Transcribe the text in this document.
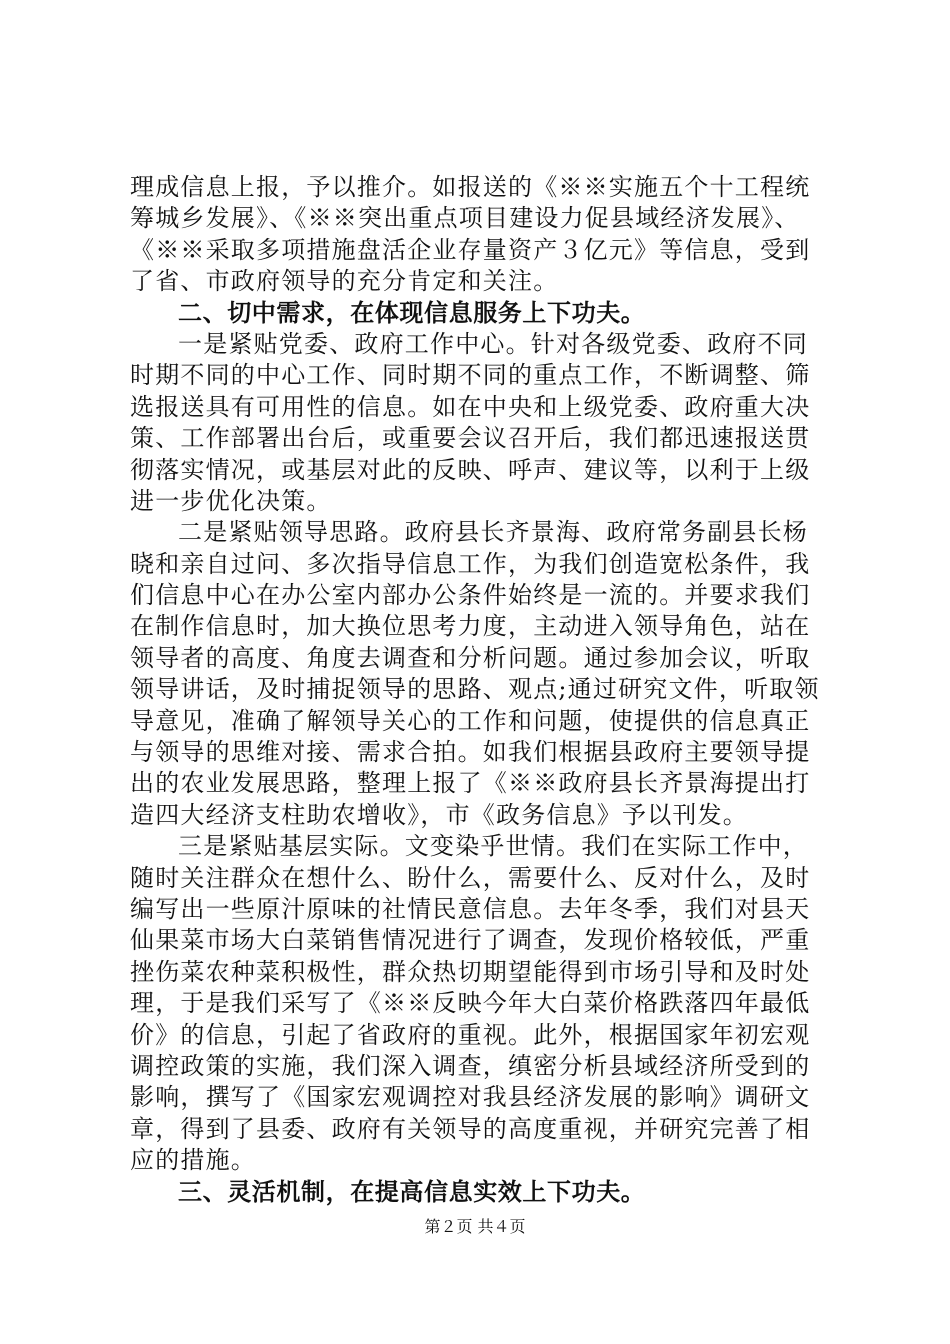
理成信息上报，予以推介。如报送的《※※实施五个十工程统
筹城乡发展》、《※※突出重点项目建设力促县域经济发展》、
《※※采取多项措施盘活企业存量资产３亿元》等信息，受到
了省、市政府领导的充分肯定和关注。
二、切中需求，在体现信息服务上下功夫。
一是紧贴党委、政府工作中心。针对各级党委、政府不同
时期不同的中心工作、同时期不同的重点工作，不断调整、筛
选报送具有可用性的信息。如在中央和上级党委、政府重大决
策、工作部署出台后，或重要会议召开后，我们都迅速报送贯
彻落实情况，或基层对此的反映、呼声、建议等，以利于上级
进一步优化决策。
二是紧贴领导思路。政府县长齐景海、政府常务副县长杨
晓和亲自过问、多次指导信息工作，为我们创造宽松条件，我
们信息中心在办公室内部办公条件始终是一流的。并要求我们
在制作信息时，加大换位思考力度，主动进入领导角色，站在
领导者的高度、角度去调查和分析问题。通过参加会议，听取
领导讲话，及时捕捉领导的思路、观点;通过研究文件，听取领
导意见，准确了解领导关心的工作和问题，使提供的信息真正
与领导的思维对接、需求合拍。如我们根据县政府主要领导提
出的农业发展思路，整理上报了《※※政府县长齐景海提出打
造四大经济支柱助农增收》，市《政务信息》予以刊发。
三是紧贴基层实际。文变染乎世情。我们在实际工作中，
随时关注群众在想什么、盼什么，需要什么、反对什么，及时
编写出一些原汁原味的社情民意信息。去年冬季，我们对县天
仙果菜市场大白菜销售情况进行了调查，发现价格较低，严重
挫伤菜农种菜积极性，群众热切期望能得到市场引导和及时处
理，于是我们采写了《※※反映今年大白菜价格跌落四年最低
价》的信息，引起了省政府的重视。此外，根据国家年初宏观
调控政策的实施，我们深入调查，缜密分析县域经济所受到的
影响，撰写了《国家宏观调控对我县经济发展的影响》调研文
章，得到了县委、政府有关领导的高度重视，并研究完善了相
应的措施。
三、灵活机制，在提高信息实效上下功夫。
第２页 共４页
